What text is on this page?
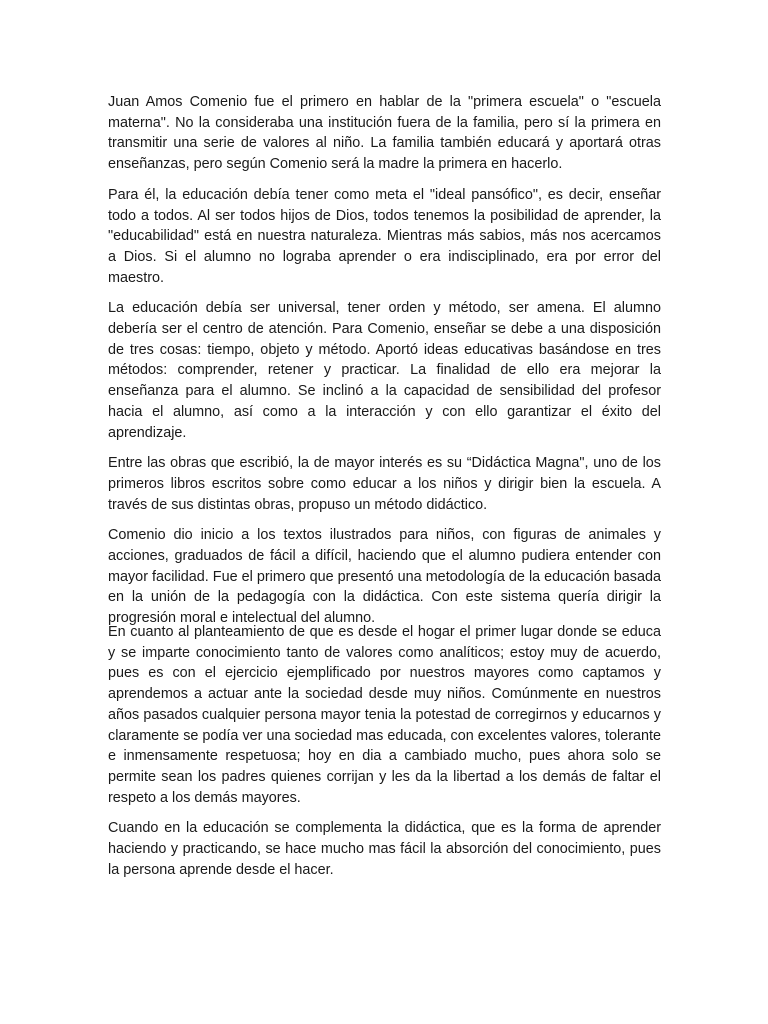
Juan Amos Comenio fue el primero en hablar de la "primera escuela" o "escuela materna". No la consideraba una institución fuera de la familia, pero sí la primera en transmitir una serie de valores al niño. La familia también educará y aportará otras enseñanzas, pero según Comenio será la madre la primera en hacerlo.

Para él, la educación debía tener como meta el "ideal pansófico", es decir, enseñar todo a todos. Al ser todos hijos de Dios, todos tenemos la posibilidad de aprender, la "educabilidad" está en nuestra naturaleza. Mientras más sabios, más nos acercamos a Dios. Si el alumno no lograba aprender o era indisciplinado, era por error del maestro.

La educación debía ser universal, tener orden y método, ser amena. El alumno debería ser el centro de atención. Para Comenio, enseñar se debe a una disposición de tres cosas: tiempo, objeto y método. Aportó ideas educativas basándose en tres métodos: comprender, retener y practicar. La finalidad de ello era mejorar la enseñanza para el alumno. Se inclinó a la capacidad de sensibilidad del profesor hacia el alumno, así como a la interacción y con ello garantizar el éxito del aprendizaje.

Entre las obras que escribió, la de mayor interés es su “Didáctica Magna", uno de los primeros libros escritos sobre como educar a los niños y dirigir bien la escuela. A través de sus distintas obras, propuso un método didáctico.

Comenio dio inicio a los textos ilustrados para niños, con figuras de animales y acciones, graduados de fácil a difícil, haciendo que el alumno pudiera entender con mayor facilidad. Fue el primero que presentó una metodología de la educación basada en la unión de la pedagogía con la didáctica. Con este sistema quería dirigir la progresión moral e intelectual del alumno.

En cuanto al planteamiento de que es desde el hogar el primer lugar donde se educa y se imparte conocimiento tanto de valores como analíticos; estoy muy de acuerdo, pues es con el ejercicio ejemplificado por nuestros mayores como captamos y aprendemos a actuar ante la sociedad desde muy niños. Comúnmente en nuestros años pasados cualquier persona mayor tenia la potestad de corregirnos y educarnos y claramente se podía ver una sociedad mas educada, con excelentes valores, tolerante e inmensamente respetuosa; hoy en dia a cambiado mucho, pues ahora solo se permite sean los padres quienes corrijan y les da la libertad a los demás de faltar el respeto a los demás mayores.

Cuando en la educación se complementa la didáctica, que es la forma de aprender haciendo y practicando, se hace mucho mas fácil la absorción del conocimiento, pues la persona aprende desde el hacer.
